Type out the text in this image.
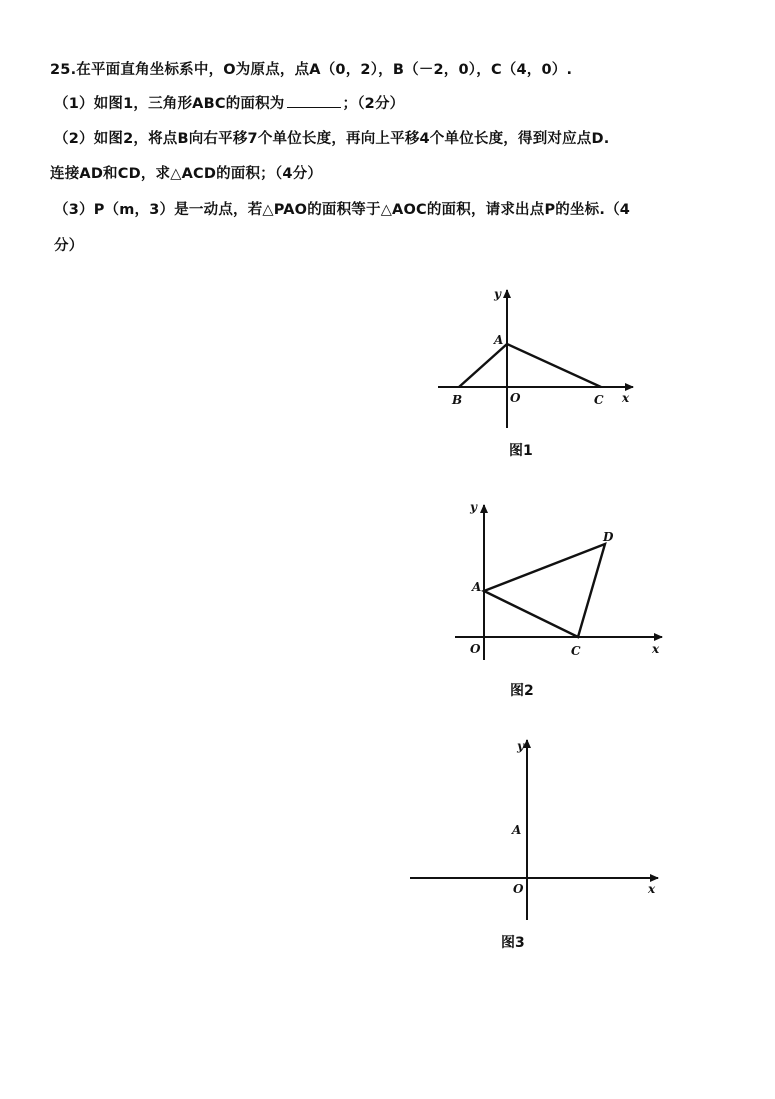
25.在平面直角坐标系中，O为原点，点A（0，2），B（－2，0），C（4，0）.
（1）如图1，三角形ABC的面积为	；（2分）
（2）如图2，将点B向右平移7个单位长度，再向上平移4个单位长度，得到对应点D.
连接AD和CD，求△ACD的面积；（4分）
（3）P（m，3）是一动点，若△PAO的面积等于△AOC的面积，请求出点P的坐标.（4
分）
y
A
B	O	C x
图1
y
A
D
O	C	x
图2
y
A
O	x
图3
